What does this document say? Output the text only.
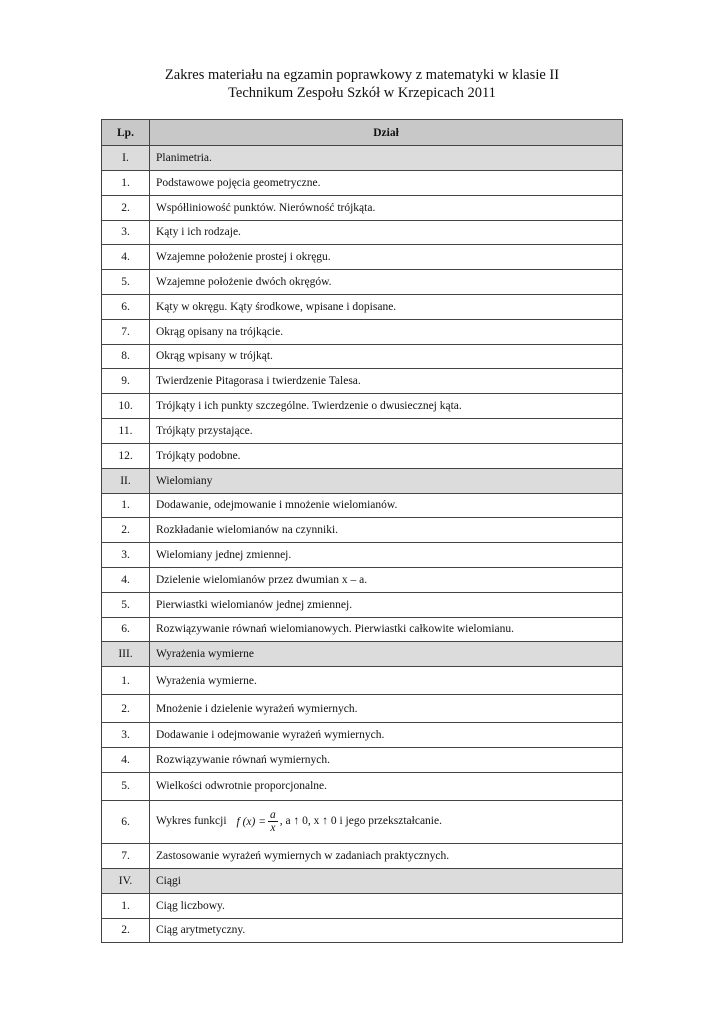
Zakres materiału na egzamin poprawkowy z matematyki w klasie II
Technikum Zespołu Szkół w Krzepicach 2011
Lp.	Dział
I.	Planimetria.
1.	Podstawowe pojęcia geometryczne.
2.	Współliniowość punktów. Nierówność trójkąta.
3.	Kąty i ich rodzaje.
4.	Wzajemne położenie prostej i okręgu.
5.	Wzajemne położenie dwóch okręgów.
6.	Kąty w okręgu. Kąty środkowe, wpisane i dopisane.
7.	Okrąg opisany na trójkącie.
8.	Okrąg wpisany w trójkąt.
9.	Twierdzenie Pitagorasa i twierdzenie Talesa.
10.	Trójkąty i ich punkty szczególne. Twierdzenie o dwusiecznej kąta.
11.	Trójkąty przystające.
12.	Trójkąty podobne.
II.	Wielomiany
1.	Dodawanie, odejmowanie i mnożenie wielomianów.
2.	Rozkładanie wielomianów na czynniki.
3.	Wielomiany jednej zmiennej.
4.	Dzielenie wielomianów przez dwumian x – a.
5.	Pierwiastki wielomianów jednej zmiennej.
6.	Rozwiązywanie równań wielomianowych. Pierwiastki całkowite wielomianu.
III.	Wyrażenia wymierne
1.	Wyrażenia wymierne.
2.	Mnożenie i dzielenie wyrażeń wymiernych.
3.	Dodawanie i odejmowanie wyrażeń wymiernych.
4.	Rozwiązywanie równań wymiernych.
5.	Wielkości odwrotnie proporcjonalne.
6.	Wykres funkcji f $(x) = \frac{a}{x}$ , a ↑ 0, x ↑ 0 i jego przekształcanie.
7.	Zastosowanie wyrażeń wymiernych w zadaniach praktycznych.
IV.	Ciągi
1.	Ciąg liczbowy.
2.	Ciąg arytmetyczny.
